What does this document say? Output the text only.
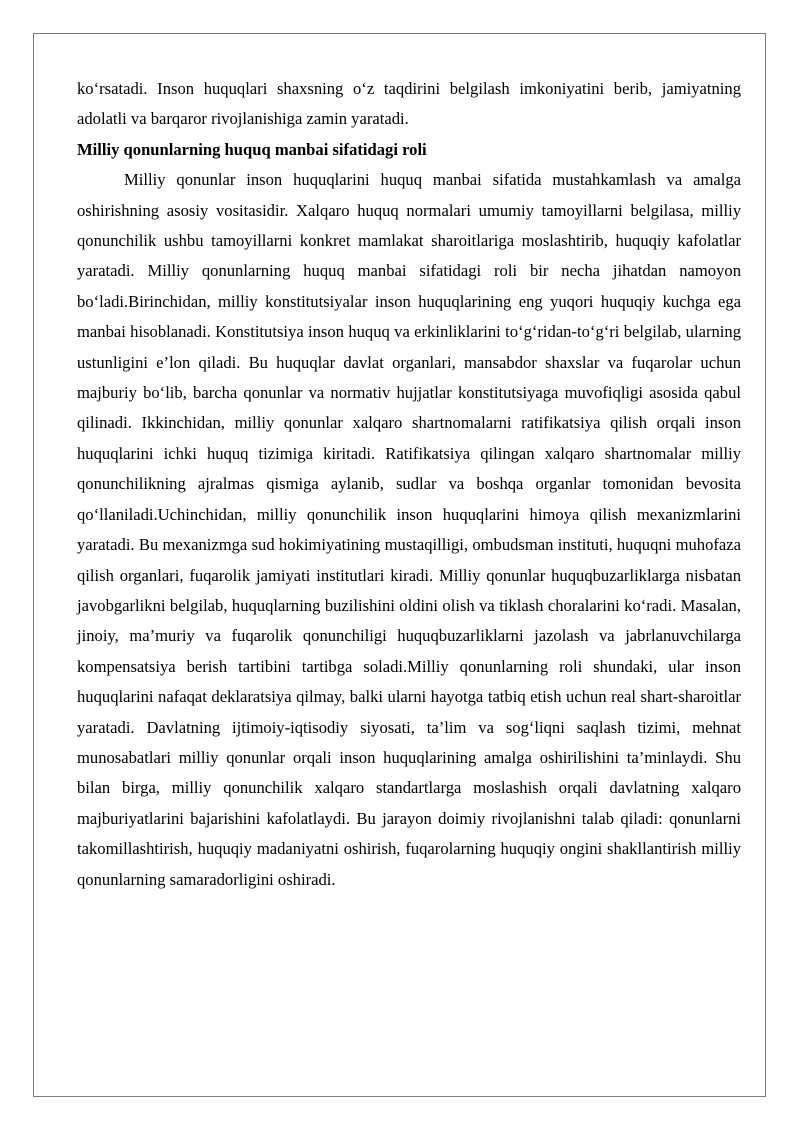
ko‘rsatadi. Inson huquqlari shaxsning o‘z taqdirini belgilash imkoniyatini berib, jamiyatning adolatli va barqaror rivojlanishiga zamin yaratadi.

Milliy qonunlarning huquq manbai sifatidagi roli

Milliy qonunlar inson huquqlarini huquq manbai sifatida mustahkamlash va amalga oshirishning asosiy vositasidir. Xalqaro huquq normalari umumiy tamoyillarni belgilasa, milliy qonunchilik ushbu tamoyillarni konkret mamlakat sharoitlariga moslashtirib, huquqiy kafolatlar yaratadi. Milliy qonunlarning huquq manbai sifatidagi roli bir necha jihatdan namoyon bo‘ladi.Birinchidan, milliy konstitutsiyalar inson huquqlarining eng yuqori huquqiy kuchga ega manbai hisoblanadi. Konstitutsiya inson huquq va erkinliklarini to‘g‘ridan-to‘g‘ri belgilab, ularning ustunligini e’lon qiladi. Bu huquqlar davlat organlari, mansabdor shaxslar va fuqarolar uchun majburiy bo‘lib, barcha qonunlar va normativ hujjatlar konstitutsiyaga muvofiqligi asosida qabul qilinadi. Ikkinchidan, milliy qonunlar xalqaro shartnomalarni ratifikatsiya qilish orqali inson huquqlarini ichki huquq tizimiga kiritadi. Ratifikatsiya qilingan xalqaro shartnomalar milliy qonunchilikning ajralmas qismiga aylanib, sudlar va boshqa organlar tomonidan bevosita qo‘llaniladi.Uchinchidan, milliy qonunchilik inson huquqlarini himoya qilish mexanizmlarini yaratadi. Bu mexanizmga sud hokimiyatining mustaqilligi, ombudsman instituti, huquqni muhofaza qilish organlari, fuqarolik jamiyati institutlari kiradi. Milliy qonunlar huquqbuzarliklarga nisbatan javobgarlikni belgilab, huquqlarning buzilishini oldini olish va tiklash choralarini ko‘radi. Masalan, jinoiy, ma’muriy va fuqarolik qonunchiligi huquqbuzarliklarni jazolash va jabrlanuvchilarga kompensatsiya berish tartibini tartibga soladi.Milliy qonunlarning roli shundaki, ular inson huquqlarini nafaqat deklaratsiya qilmay, balki ularni hayotga tatbiq etish uchun real shart-sharoitlar yaratadi. Davlatning ijtimoiy-iqtisodiy siyosati, ta’lim va sog‘liqni saqlash tizimi, mehnat munosabatlari milliy qonunlar orqali inson huquqlarining amalga oshirilishini ta’minlaydi. Shu bilan birga, milliy qonunchilik xalqaro standartlarga moslashish orqali davlatning xalqaro majburiyatlarini bajarishini kafolatlaydi. Bu jarayon doimiy rivojlanishni talab qiladi: qonunlarni takomillashtirish, huquqiy madaniyatni oshirish, fuqarolarning huquqiy ongini shakllantirish milliy qonunlarning samaradorligini oshiradi.
